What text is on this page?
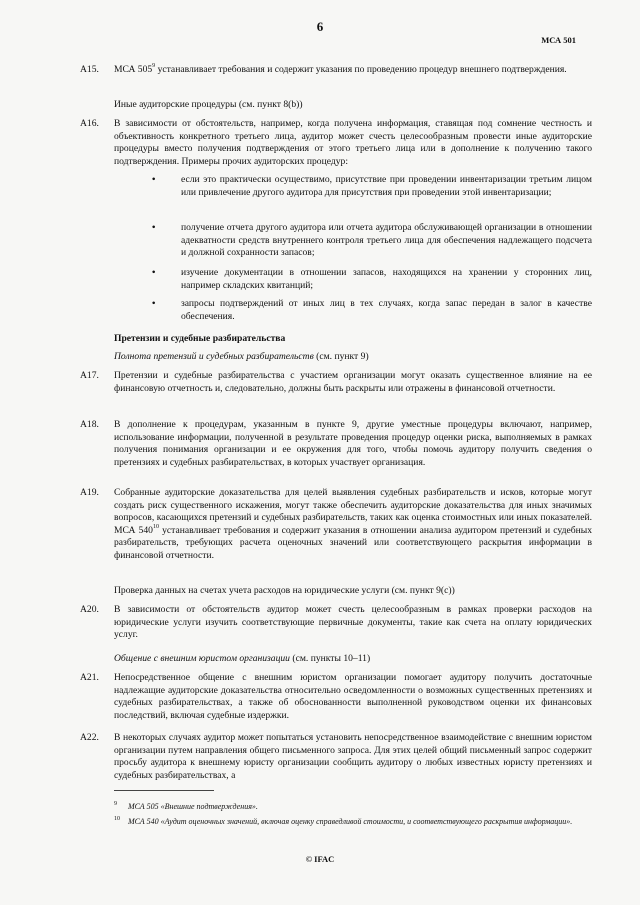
6
МСА 501
A15. МСА $505^9$ устанавливает требования и содержит указания по проведению процедур внешнего подтверждения.
Иные аудиторские процедуры (см. пункт 8(b))
A16. В зависимости от обстоятельств, например, когда получена информация, ставящая под сомнение честность и объективность конкретного третьего лица, аудитор может счесть целесообразным провести иные аудиторские процедуры вместо получения подтверждения от этого третьего лица или в дополнение к получению такого подтверждения. Примеры прочих аудиторских процедур:
•	если это практически осуществимо, присутствие при проведении инвентаризации третьим лицом или привлечение другого аудитора для присутствия при проведении этой инвентаризации;
•	получение отчета другого аудитора или отчета аудитора обслуживающей организации в отношении адекватности средств внутреннего контроля третьего лица для обеспечения надлежащего подсчета и должной сохранности запасов;
•	изучение документации в отношении запасов, находящихся на хранении у сторонних лиц, например складских квитанций;
•	запросы подтверждений от иных лиц в тех случаях, когда запас передан в залог в качестве обеспечения.
Претензии и судебные разбирательства
Полнота претензий и судебных разбирательств (см. пункт 9)
A17. Претензии и судебные разбирательства с участием организации могут оказать существенное влияние на ее финансовую отчетность и, следовательно, должны быть раскрыты или отражены в финансовой отчетности.
A18. В дополнение к процедурам, указанным в пункте 9, другие уместные процедуры включают, например, использование информации, полученной в результате проведения процедур оценки риска, выполняемых в рамках получения понимания организации и ее окружения для того, чтобы помочь аудитору получить сведения о претензиях и судебных разбирательствах, в которых участвует организация.
A19. Собранные аудиторские доказательства для целей выявления судебных разбирательств и исков, которые могут создать риск существенного искажения, могут также обеспечить аудиторские доказательства для иных значимых вопросов, касающихся претензий и судебных разбирательств, таких как оценка стоимостных или иных показателей. МСА $540^{10}$ устанавливает требования и содержит указания в отношении анализа аудитором претензий и судебных разбирательств, требующих расчета оценочных значений или соответствующего раскрытия информации в финансовой отчетности.
Проверка данных на счетах учета расходов на юридические услуги (см. пункт 9(c))
A20. В зависимости от обстоятельств аудитор может счесть целесообразным в рамках проверки расходов на юридические услуги изучить соответствующие первичные документы, такие как счета на оплату юридических услуг.
Общение с внешним юристом организации (см. пункты 10–11)
A21. Непосредственное общение с внешним юристом организации помогает аудитору получить достаточные надлежащие аудиторские доказательства относительно осведомленности о возможных существенных претензиях и судебных разбирательствах, а также об обоснованности выполненной руководством оценки их финансовых последствий, включая судебные издержки.
A22. В некоторых случаях аудитор может попытаться установить непосредственное взаимодействие с внешним юристом организации путем направления общего письменного запроса. Для этих целей общий письменный запрос содержит просьбу аудитора к внешнему юристу организации сообщить аудитору о любых известных юристу претензиях и судебных разбирательствах, а
9 МСА 505 «Внешние подтверждения».
10 МСА 540 «Аудит оценочных значений, включая оценку справедливой стоимости, и соответствующего раскрытия информации».
© IFAC
